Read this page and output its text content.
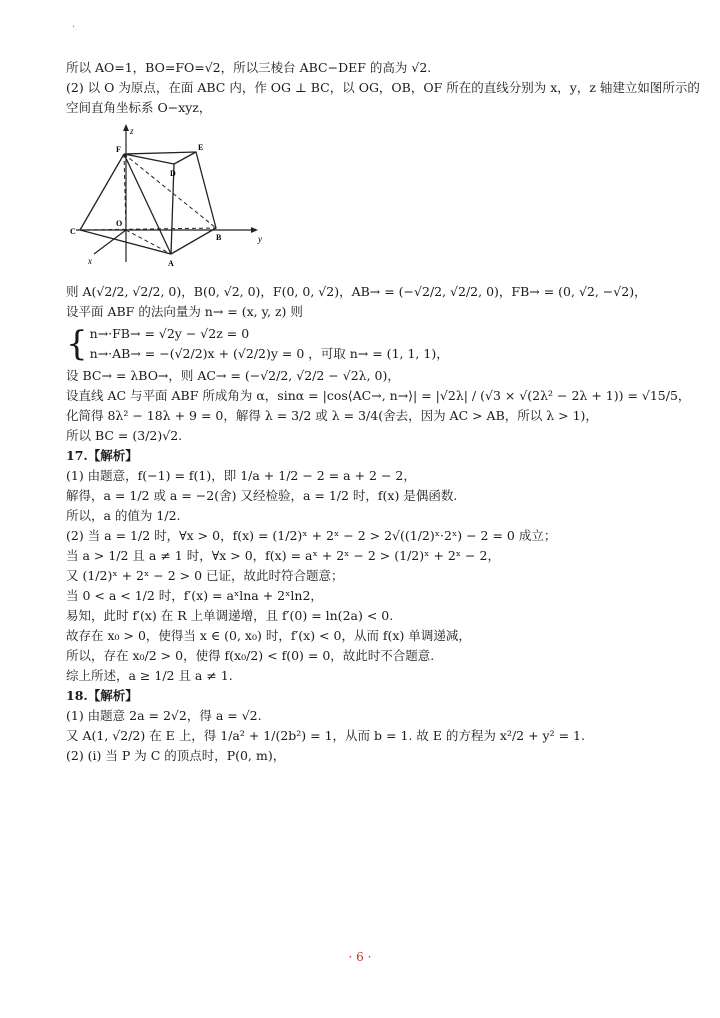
·
所以 AO=1，BO=FO=√2，所以三棱台 ABC−DEF 的高为 √2.
(2) 以 O 为原点，在面 ABC 内，作 OG ⊥ BC，以 OG，OB，OF 所在的直线分别为 x，y，z 轴建立如图所示的
空间直角坐标系 O−xyz，
z
y
x
F	E
D
O
C
B
A
则 A(√2/2, √2/2, 0)，B(0, √2, 0)，F(0, 0, √2)，AB→ = (−√2/2, √2/2, 0)，FB→ = (0, √2, −√2)，
设平面 ABF 的法向量为 n→ = (x, y, z) 则
{ n→·FB→ = √2y − √2z = 0
n→·AB→ = −(√2/2)x + (√2/2)y = 0 ，可取 n→ = (1, 1, 1)，
设 BC→ = λBO→，则 AC→ = (−√2/2, √2/2 − √2λ, 0)，
设直线 AC 与平面 ABF 所成角为 α，sinα = |cos⟨AC→, n→⟩| = |√2λ| / (√3 × √(2λ² − 2λ + 1)) = √15/5，
化简得 8λ² − 18λ + 9 = 0，解得 λ = 3/2 或 λ = 3/4(舍去，因为 AC > AB，所以 λ > 1)，
所以 BC = (3/2)√2.
17.【解析】
(1) 由题意，f(−1) = f(1)，即 1/a + 1/2 − 2 = a + 2 − 2，
解得，a = 1/2 或 a = −2(舍) 又经检验，a = 1/2 时，f(x) 是偶函数.
所以，a 的值为 1/2.
(2) 当 a = 1/2 时，∀x > 0，f(x) = (1/2)ˣ + 2ˣ − 2 > 2√((1/2)ˣ·2ˣ) − 2 = 0 成立；
当 a > 1/2 且 a ≠ 1 时，∀x > 0，f(x) = aˣ + 2ˣ − 2 > (1/2)ˣ + 2ˣ − 2，
又 (1/2)ˣ + 2ˣ − 2 > 0 已证，故此时符合题意；
当 0 < a < 1/2 时，f′(x) = aˣlna + 2ˣln2，
易知，此时 f′(x) 在 R 上单调递增，且 f′(0) = ln(2a) < 0.
故存在 x₀ > 0，使得当 x ∈ (0, x₀) 时，f′(x) < 0，从而 f(x) 单调递减，
所以，存在 x₀/2 > 0，使得 f(x₀/2) < f(0) = 0，故此时不合题意.
综上所述，a ≥ 1/2 且 a ≠ 1.
18.【解析】
(1) 由题意 2a = 2√2，得 a = √2.
又 A(1, √2/2) 在 E 上，得 1/a² + 1/(2b²) = 1，从而 b = 1. 故 E 的方程为 x²/2 + y² = 1.
(2) (i) 当 P 为 C 的顶点时，P(0, m)，
· 6 ·
